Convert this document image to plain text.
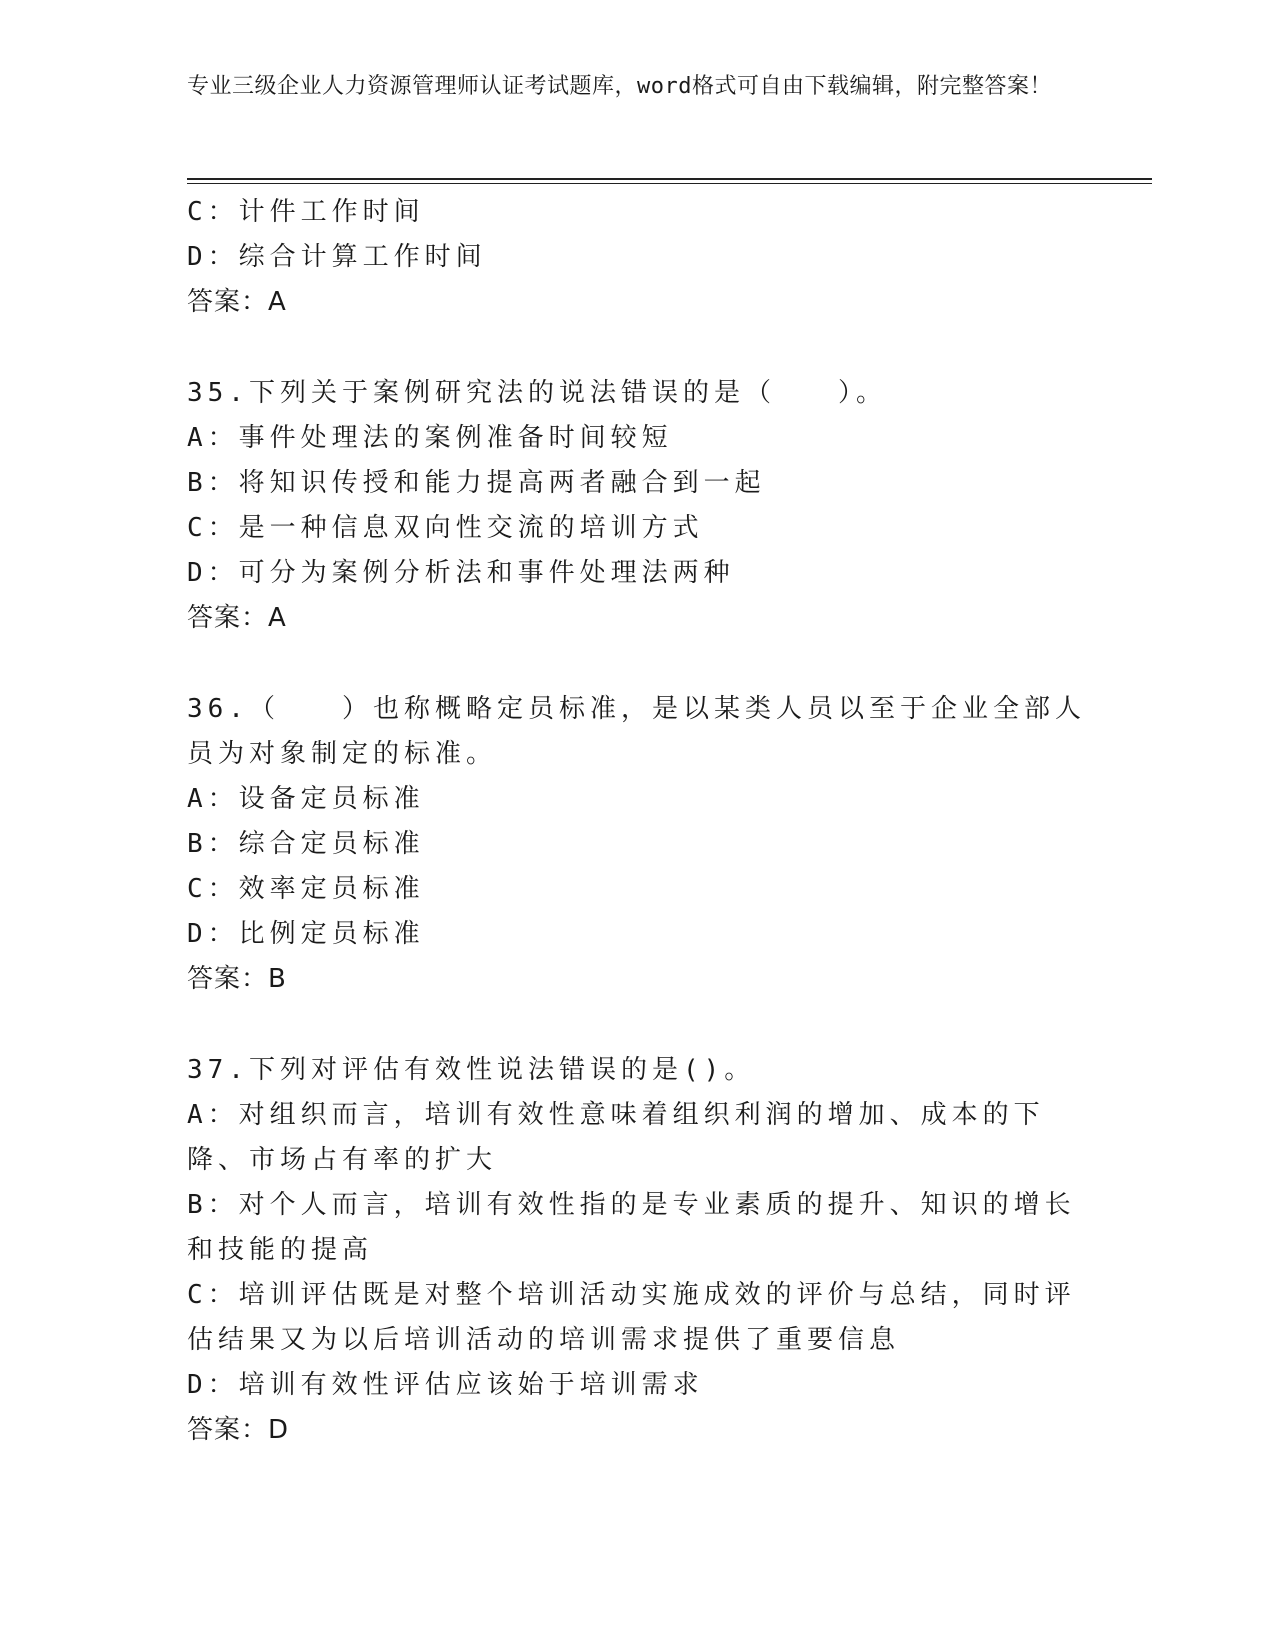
专业三级企业人力资源管理师认证考试题库，word格式可自由下载编辑，附完整答案！
C：计件工作时间
D：综合计算工作时间
答案：A
35.下列关于案例研究法的说法错误的是（　　）。
A：事件处理法的案例准备时间较短
B：将知识传授和能力提高两者融合到一起
C：是一种信息双向性交流的培训方式
D：可分为案例分析法和事件处理法两种
答案：A
36.（　　）也称概略定员标准，是以某类人员以至于企业全部人员为对象制定的标准。
A：设备定员标准
B：综合定员标准
C：效率定员标准
D：比例定员标准
答案：B
37.下列对评估有效性说法错误的是()。
A：对组织而言，培训有效性意味着组织利润的增加、成本的下降、市场占有率的扩大
B：对个人而言，培训有效性指的是专业素质的提升、知识的增长和技能的提高
C：培训评估既是对整个培训活动实施成效的评价与总结，同时评估结果又为以后培训活动的培训需求提供了重要信息
D：培训有效性评估应该始于培训需求
答案：D
